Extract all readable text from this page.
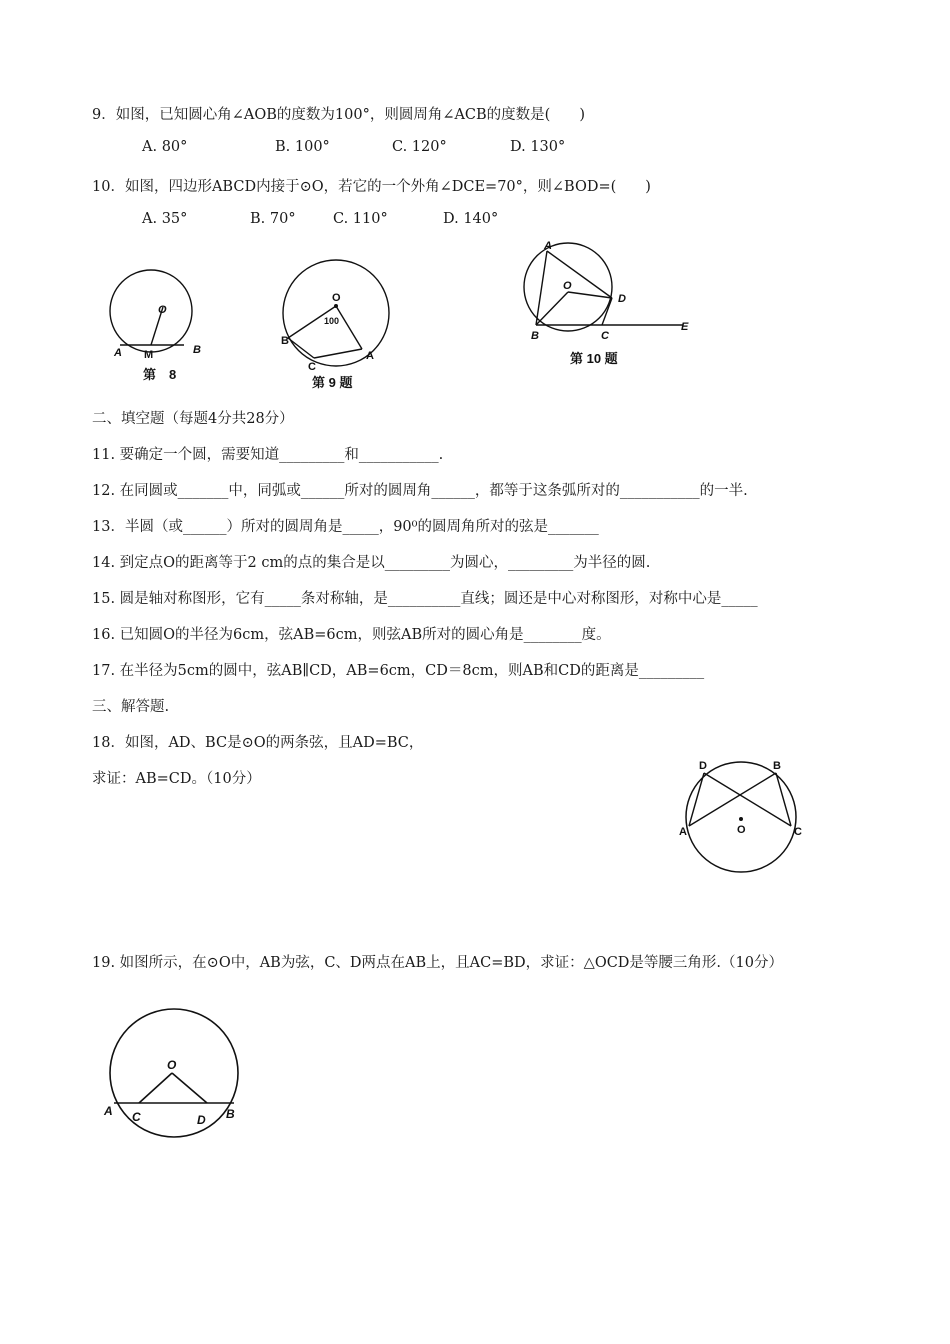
9．如图，已知圆心角∠AOB的度数为100°，则圆周角∠ACB的度数是(　　)
A. 80°	B. 100°	C. 120°	D. 130°
10．如图，四边形ABCD内接于⊙O，若它的一个外角∠DCE=70°，则∠BOD=(　　)
A. 35°	B. 70°	C. 110°	D. 140°
O
A M	B
第　8
O
100
B
C
A
第 9 题
A
O
D
B	C
E
第 10 题
二、填空题（每题4分共28分）
11. 要确定一个圆，需要知道_________和___________.
12. 在同圆或_______中，同弧或______所对的圆周角______，都等于这条弧所对的___________的一半.
13．半圆（或______）所对的圆周角是_____，90⁰的圆周角所对的弦是_______
14. 到定点O的距离等于2 cm的点的集合是以_________为圆心，_________为半径的圆.
15. 圆是轴对称图形，它有_____条对称轴，是__________直线；圆还是中心对称图形，对称中心是_____
16. 已知圆O的半径为6cm，弦AB=6cm，则弦AB所对的圆心角是________度。
17. 在半径为5cm的圆中，弦AB∥CD，AB=6cm，CD＝8cm，则AB和CD的距离是_________
三、解答题.
18．如图，AD、BC是⊙O的两条弦，且AD=BC，
求证：AB=CD。（10分）
D	B
A	O	C
19. 如图所示，在⊙O中，AB为弦，C、D两点在AB上，且AC=BD，求证：△OCD是等腰三角形.（10分）
O
A C	D B
